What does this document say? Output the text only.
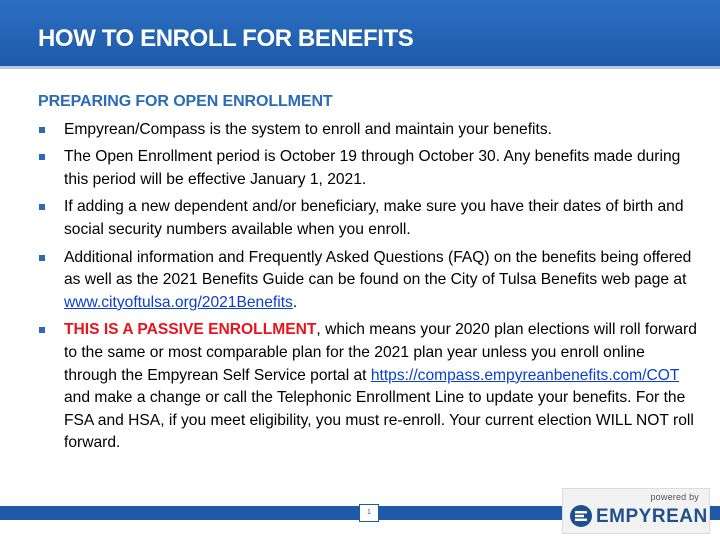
HOW TO ENROLL FOR BENEFITS
PREPARING FOR OPEN ENROLLMENT
Empyrean/Compass is the system to enroll and maintain your benefits.
The Open Enrollment period is October 19 through October 30. Any benefits made during this period will be effective January 1, 2021.
If adding a new dependent and/or beneficiary, make sure you have their dates of birth and social security numbers available when you enroll.
Additional information and Frequently Asked Questions (FAQ) on the benefits being offered as well as the 2021 Benefits Guide can be found on the City of Tulsa Benefits web page at www.cityoftulsa.org/2021Benefits.
THIS IS A PASSIVE ENROLLMENT, which means your 2020 plan elections will roll forward to the same or most comparable plan for the 2021 plan year unless you enroll online through the Empyrean Self Service portal at https://compass.empyreanbenefits.com/COT and make a change or call the Telephonic Enrollment Line to update your benefits. For the FSA and HSA, if you meet eligibility, you must re-enroll. Your current election WILL NOT roll forward.
1
powered by
EMPYREAN
